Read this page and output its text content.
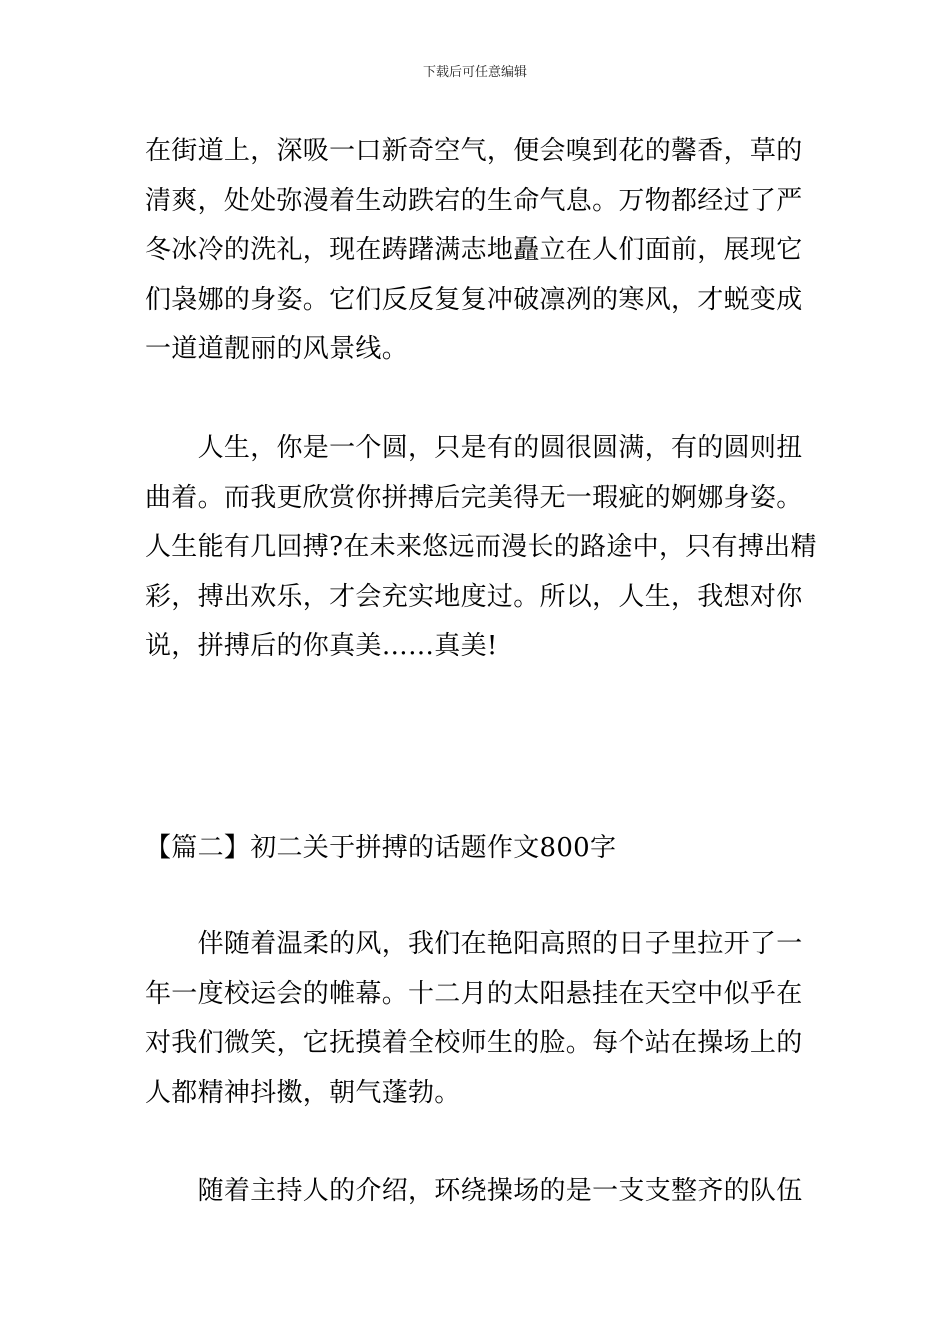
下载后可任意编辑
在街道上，深吸一口新奇空气，便会嗅到花的馨香，草的
清爽，处处弥漫着生动跌宕的生命气息。万物都经过了严
冬冰冷的洗礼，现在踌躇满志地矗立在人们面前，展现它
们袅娜的身姿。它们反反复复冲破凛冽的寒风，才蜕变成
一道道靓丽的风景线。
　　人生，你是一个圆，只是有的圆很圆满，有的圆则扭
曲着。而我更欣赏你拼搏后完美得无一瑕疵的婀娜身姿。
人生能有几回搏?在未来悠远而漫长的路途中，只有搏出精
彩，搏出欢乐，才会充实地度过。所以，人生，我想对你
说，拼搏后的你真美……真美!
【篇二】初二关于拼搏的话题作文800字
　　伴随着温柔的风，我们在艳阳高照的日子里拉开了一
年一度校运会的帷幕。十二月的太阳悬挂在天空中似乎在
对我们微笑，它抚摸着全校师生的脸。每个站在操场上的
人都精神抖擞，朝气蓬勃。
　　随着主持人的介绍，环绕操场的是一支支整齐的队伍
